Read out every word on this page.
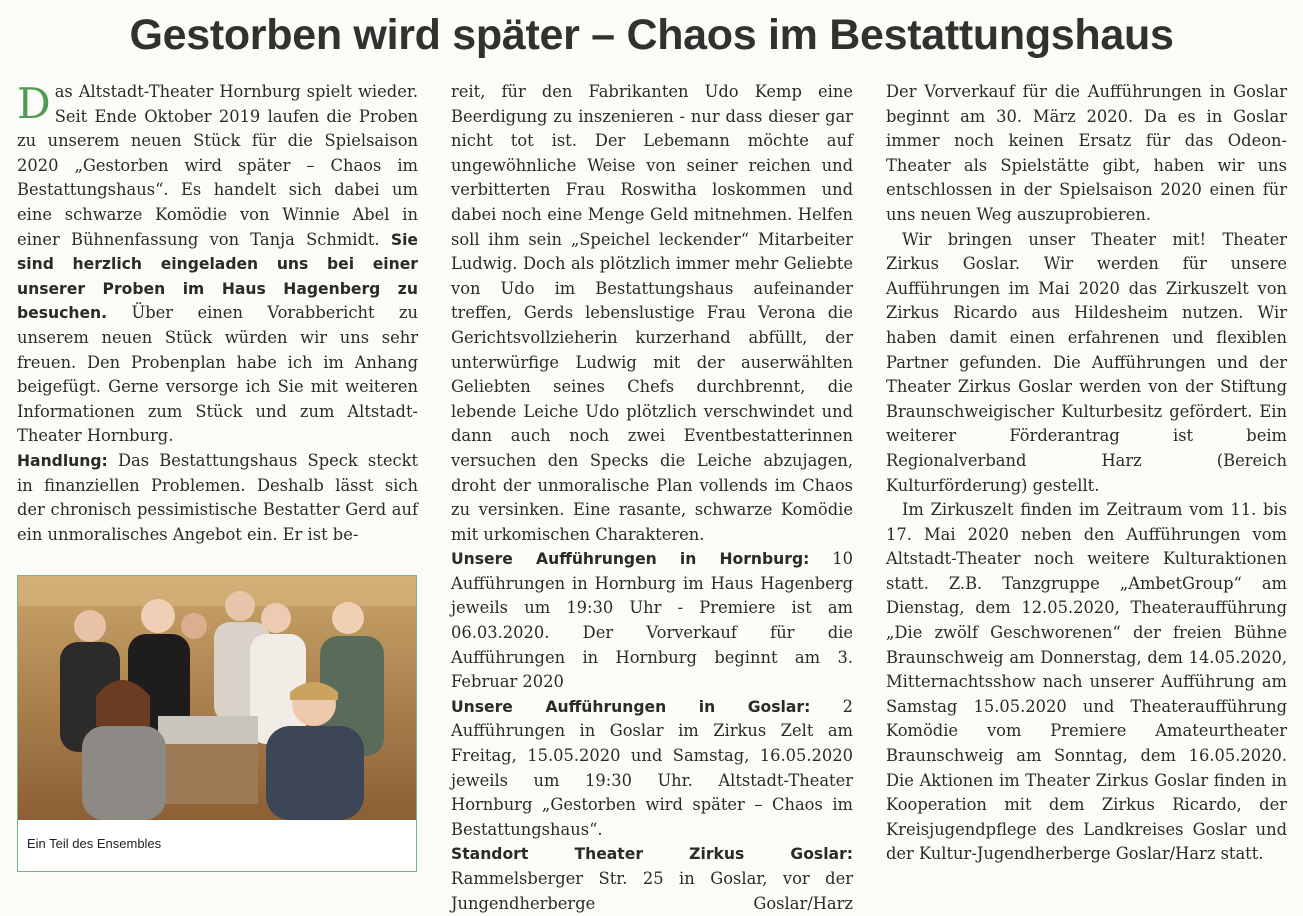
Gestorben wird später – Chaos im Bestattungshaus

Das Altstadt-Theater Hornburg spielt wieder. Seit Ende Oktober 2019 laufen die Proben zu unserem neuen Stück für die Spielsaison 2020 „Gestorben wird später – Chaos im Bestattungshaus“. Es handelt sich dabei um eine schwarze Komödie von Winnie Abel in einer Bühnenfassung von Tanja Schmidt. Sie sind herzlich eingeladen uns bei einer unserer Proben im Haus Hagenberg zu besuchen. Über einen Vorabbericht zu unserem neuen Stück würden wir uns sehr freuen. Den Probenplan habe ich im Anhang beigefügt. Gerne versorge ich Sie mit weiteren Informationen zum Stück und zum Altstadt-Theater Hornburg.

Handlung: Das Bestattungshaus Speck steckt in finanziellen Problemen. Deshalb lässt sich der chronisch pessimistische Bestatter Gerd auf ein unmoralisches Angebot ein. Er ist be-

Ein Teil des Ensembles

reit, für den Fabrikanten Udo Kemp eine Beerdigung zu inszenieren - nur dass dieser gar nicht tot ist. Der Lebemann möchte auf ungewöhnliche Weise von seiner reichen und verbitterten Frau Roswitha loskommen und dabei noch eine Menge Geld mitnehmen. Helfen soll ihm sein „Speichel leckender“ Mitarbeiter Ludwig. Doch als plötzlich immer mehr Geliebte von Udo im Bestattungshaus aufeinander treffen, Gerds lebenslustige Frau Verona die Gerichtsvollzieherin kurzerhand abfüllt, der unterwürfige Ludwig mit der auserwählten Geliebten seines Chefs durchbrennt, die lebende Leiche Udo plötzlich verschwindet und dann auch noch zwei Eventbestatterinnen versuchen den Specks die Leiche abzujagen, droht der unmoralische Plan vollends im Chaos zu versinken. Eine rasante, schwarze Komödie mit urkomischen Charakteren.

Unsere Aufführungen in Hornburg: 10 Aufführungen in Hornburg im Haus Hagenberg jeweils um 19:30 Uhr - Premiere ist am 06.03.2020. Der Vorverkauf für die Aufführungen in Hornburg beginnt am 3. Februar 2020

Unsere Aufführungen in Goslar: 2 Aufführungen in Goslar im Zirkus Zelt am Freitag, 15.05.2020 und Samstag, 16.05.2020 jeweils um 19:30 Uhr. Altstadt-Theater Hornburg „Gestorben wird später – Chaos im Bestattungshaus“.

Standort Theater Zirkus Goslar: Rammelsberger Str. 25 in Goslar, vor der Jungendherberge Goslar/Harz

Der Vorverkauf für die Aufführungen in Goslar beginnt am 30. März 2020. Da es in Goslar immer noch keinen Ersatz für das Odeon-Theater als Spielstätte gibt, haben wir uns entschlossen in der Spielsaison 2020 einen für uns neuen Weg auszuprobieren.

Wir bringen unser Theater mit! Theater Zirkus Goslar. Wir werden für unsere Aufführungen im Mai 2020 das Zirkuszelt von Zirkus Ricardo aus Hildesheim nutzen. Wir haben damit einen erfahrenen und flexiblen Partner gefunden. Die Aufführungen und der Theater Zirkus Goslar werden von der Stiftung Braunschweigischer Kulturbesitz gefördert. Ein weiterer Förderantrag ist beim Regionalverband Harz (Bereich Kulturförderung) gestellt.

Im Zirkuszelt finden im Zeitraum vom 11. bis 17. Mai 2020 neben den Aufführungen vom Altstadt-Theater noch weitere Kulturaktionen statt. Z.B. Tanzgruppe „AmbetGroup“ am Dienstag, dem 12.05.2020, Theateraufführung „Die zwölf Geschworenen“ der freien Bühne Braunschweig am Donnerstag, dem 14.05.2020, Mitternachtsshow nach unserer Aufführung am Samstag 15.05.2020 und Theateraufführung Komödie vom Premiere Amateurtheater Braunschweig am Sonntag, dem 16.05.2020. Die Aktionen im Theater Zirkus Goslar finden in Kooperation mit dem Zirkus Ricardo, der Kreisjugendpflege des Landkreises Goslar und der Kultur-Jugendherberge Goslar/Harz statt.
